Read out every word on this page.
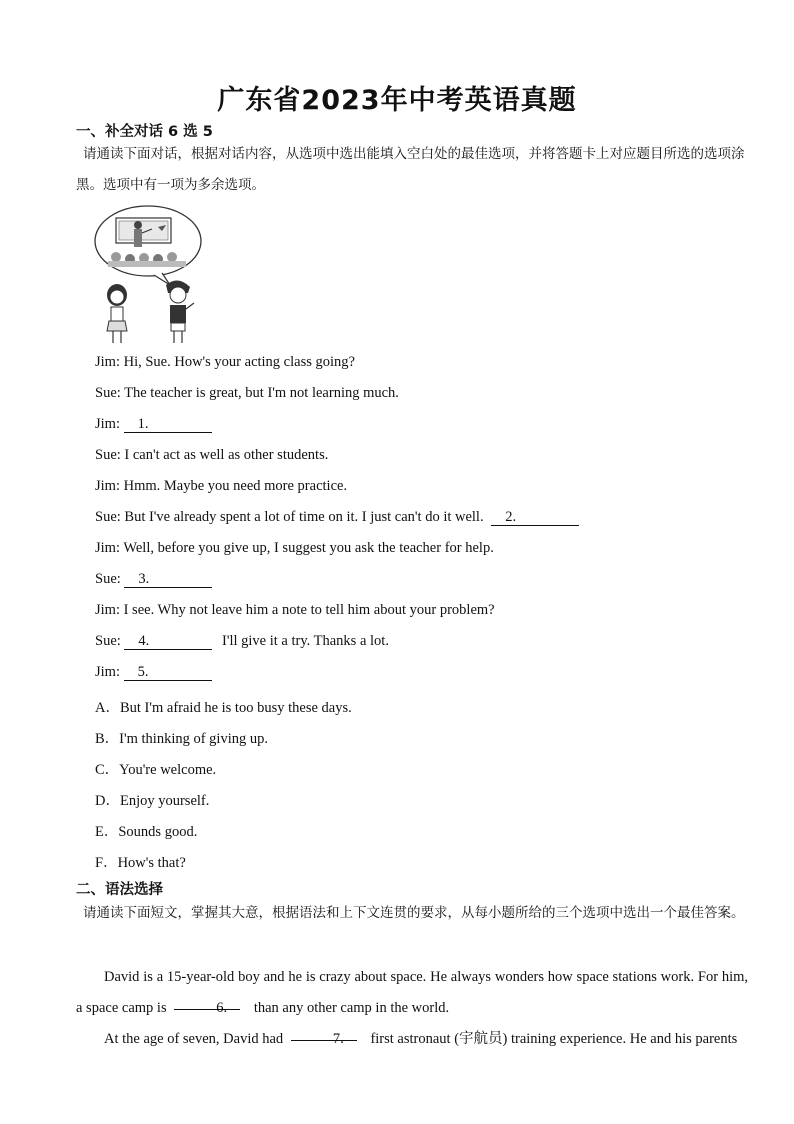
广东省2023年中考英语真题
一、补全对话 6 选 5
请通读下面对话，根据对话内容，从选项中选出能填入空白处的最佳选项，并将答题卡上对应题目所选的选项涂黑。选项中有一项为多余选项。
Jim: Hi, Sue. How's your acting class going?
Sue: The teacher is great, but I'm not learning much.
Jim: 1.
Sue: I can't act as well as other students.
Jim: Hmm. Maybe you need more practice.
Sue: But I've already spent a lot of time on it. I just can't do it well. 2.
Jim: Well, before you give up, I suggest you ask the teacher for help.
Sue: 3.
Jim: I see. Why not leave him a note to tell him about your problem?
Sue: 4.	I'll give it a try. Thanks a lot.
Jim: 5.
A．But I'm afraid he is too busy these days.
B．I'm thinking of giving up.
C．You're welcome.
D．Enjoy yourself.
E．Sounds good.
F．How's that?
二、语法选择
请通读下面短文，掌握其大意，根据语法和上下文连贯的要求，从每小题所给的三个选项中选出一个最佳答案。
David is a 15-year-old boy and he is crazy about space. He always wonders how space stations work. For him, a space camp is	6. than any other camp in the world.
At the age of seven, David had	7. first astronaut (宇航员) training experience. He and his parents
